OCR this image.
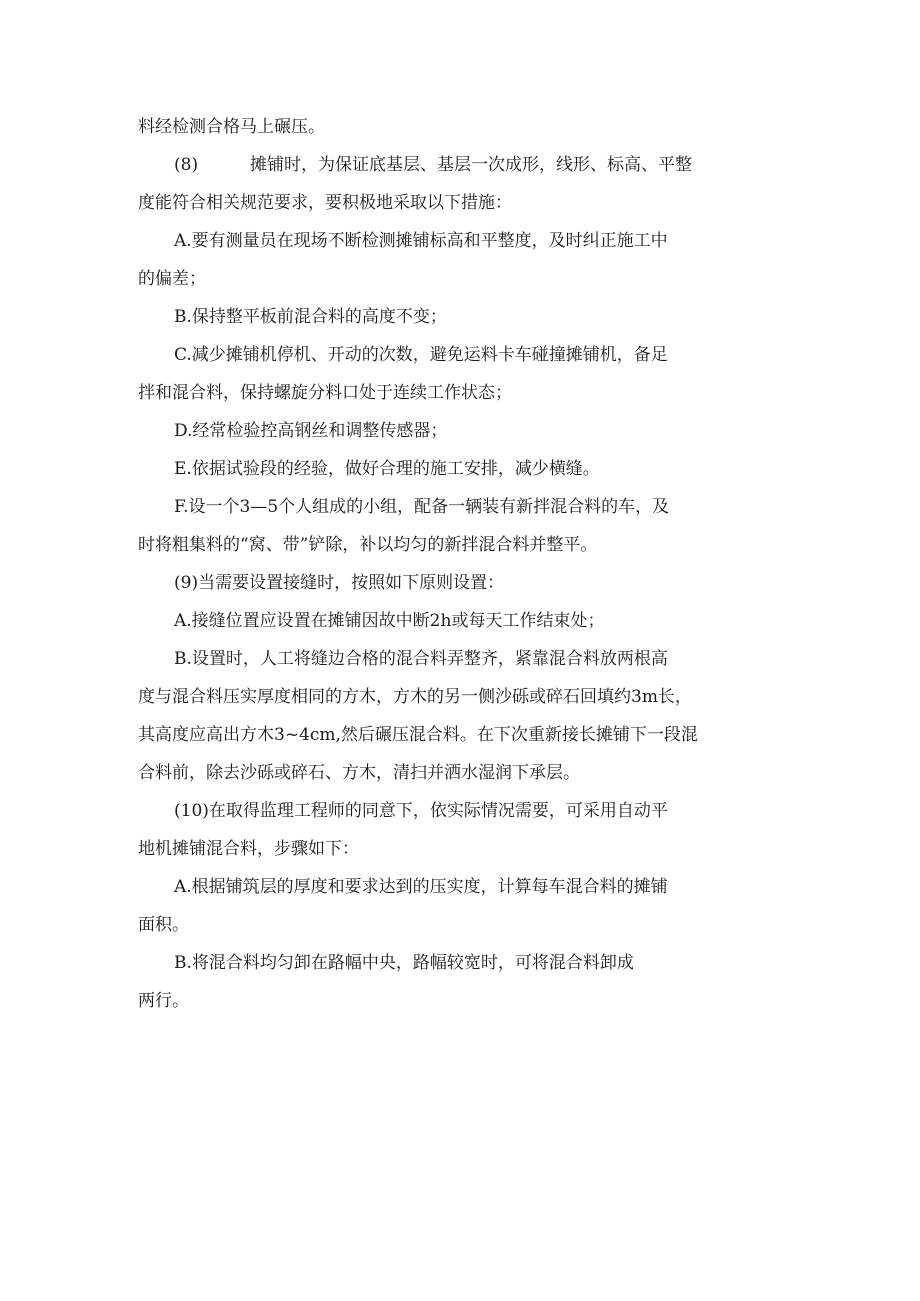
料经检测合格马上碾压。

(8)	摊铺时，为保证底基层、基层一次成形，线形、标高、平整

度能符合相关规范要求，要积极地采取以下措施：

A.要有测量员在现场不断检测摊铺标高和平整度，及时纠正施工中

的偏差；

B.保持整平板前混合料的高度不变；

C.减少摊铺机停机、开动的次数，避免运料卡车碰撞摊铺机，备足

拌和混合料，保持螺旋分料口处于连续工作状态；

D.经常检验控高钢丝和调整传感器；

E.依据试验段的经验，做好合理的施工安排，减少横缝。

F.设一个3—5个人组成的小组，配备一辆装有新拌混合料的车，及

时将粗集料的“窝、带”铲除，补以均匀的新拌混合料并整平。

(9)当需要设置接缝时，按照如下原则设置：

A.接缝位置应设置在摊铺因故中断2h或每天工作结束处；

B.设置时，人工将缝边合格的混合料弄整齐，紧靠混合料放两根高

度与混合料压实厚度相同的方木，方木的另一侧沙砾或碎石回填约3m长，

其高度应高出方木3~4cm,然后碾压混合料。在下次重新接长摊铺下一段混

合料前，除去沙砾或碎石、方木，清扫并洒水湿润下承层。

(10)在取得监理工程师的同意下，依实际情况需要，可采用自动平

地机摊铺混合料，步骤如下：

A.根据铺筑层的厚度和要求达到的压实度，计算每车混合料的摊铺

面积。

B.将混合料均匀卸在路幅中央，路幅较宽时，可将混合料卸成

两行。
